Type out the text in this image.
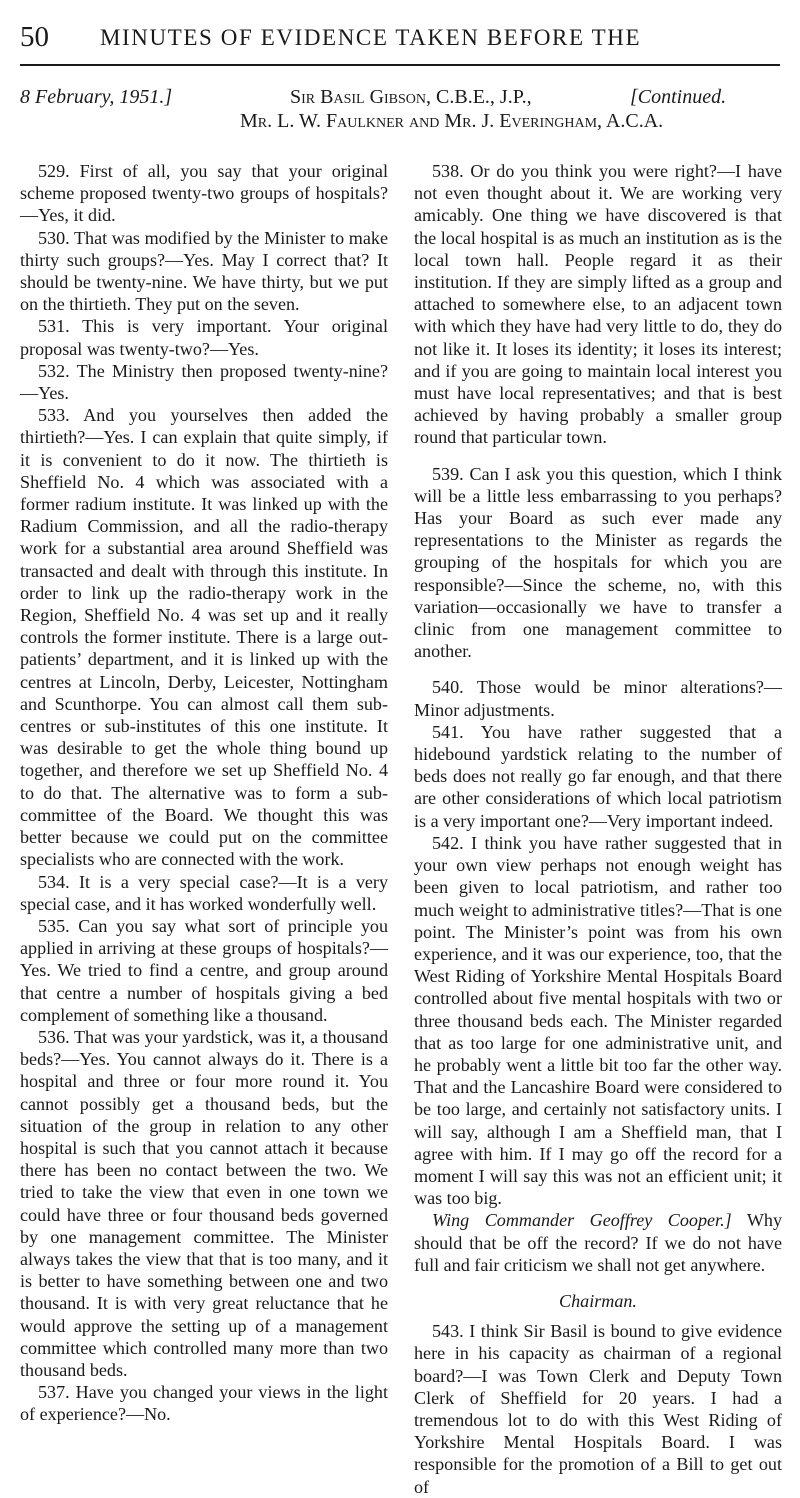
50 MINUTES OF EVIDENCE TAKEN BEFORE THE
8 February, 1951.]	Sir Basil Gibson, C.B.E., J.P.,	[Continued.
Mr. L. W. Faulkner and Mr. J. Everingham, A.C.A.

529. First of all, you say that your original scheme proposed twenty-two groups of hospitals?—Yes, it did.

530. That was modified by the Minister to make thirty such groups?—Yes. May I correct that? It should be twenty-nine. We have thirty, but we put on the thirtieth. They put on the seven.

531. This is very important. Your original proposal was twenty-two?—Yes.

532. The Ministry then proposed twenty-nine?—Yes.

533. And you yourselves then added the thirtieth?—Yes. I can explain that quite simply, if it is convenient to do it now. The thirtieth is Sheffield No. 4 which was associated with a former radium institute. It was linked up with the Radium Commission, and all the radio-therapy work for a substantial area around Sheffield was transacted and dealt with through this institute. In order to link up the radio-therapy work in the Region, Sheffield No. 4 was set up and it really controls the former institute. There is a large out-patients’ department, and it is linked up with the centres at Lincoln, Derby, Leicester, Nottingham and Scunthorpe. You can almost call them sub-centres or sub-institutes of this one institute. It was desirable to get the whole thing bound up together, and therefore we set up Sheffield No. 4 to do that. The alternative was to form a sub-committee of the Board. We thought this was better because we could put on the committee specialists who are connected with the work.

534. It is a very special case?—It is a very special case, and it has worked wonderfully well.

535. Can you say what sort of principle you applied in arriving at these groups of hospitals?—Yes. We tried to find a centre, and group around that centre a number of hospitals giving a bed complement of something like a thousand.

536. That was your yardstick, was it, a thousand beds?—Yes. You cannot always do it. There is a hospital and three or four more round it. You cannot possibly get a thousand beds, but the situation of the group in relation to any other hospital is such that you cannot attach it because there has been no contact between the two. We tried to take the view that even in one town we could have three or four thousand beds governed by one management committee. The Minister always takes the view that that is too many, and it is better to have something between one and two thousand. It is with very great reluctance that he would approve the setting up of a management committee which controlled many more than two thousand beds.

537. Have you changed your views in the light of experience?—No.

538. Or do you think you were right?—I have not even thought about it. We are working very amicably. One thing we have discovered is that the local hospital is as much an institution as is the local town hall. People regard it as their institution. If they are simply lifted as a group and attached to somewhere else, to an adjacent town with which they have had very little to do, they do not like it. It loses its identity; it loses its interest; and if you are going to maintain local interest you must have local representatives; and that is best achieved by having probably a smaller group round that particular town.

539. Can I ask you this question, which I think will be a little less embarrassing to you perhaps? Has your Board as such ever made any representations to the Minister as regards the grouping of the hospitals for which you are responsible?—Since the scheme, no, with this variation—occasionally we have to transfer a clinic from one management committee to another.

540. Those would be minor alterations?—Minor adjustments.

541. You have rather suggested that a hidebound yardstick relating to the number of beds does not really go far enough, and that there are other considerations of which local patriotism is a very important one?—Very important indeed.

542. I think you have rather suggested that in your own view perhaps not enough weight has been given to local patriotism, and rather too much weight to administrative titles?—That is one point. The Minister’s point was from his own experience, and it was our experience, too, that the West Riding of Yorkshire Mental Hospitals Board controlled about five mental hospitals with two or three thousand beds each. The Minister regarded that as too large for one administrative unit, and he probably went a little bit too far the other way. That and the Lancashire Board were considered to be too large, and certainly not satisfactory units. I will say, although I am a Sheffield man, that I agree with him. If I may go off the record for a moment I will say this was not an efficient unit; it was too big.

Wing Commander Geoffrey Cooper.] Why should that be off the record? If we do not have full and fair criticism we shall not get anywhere.

Chairman.

543. I think Sir Basil is bound to give evidence here in his capacity as chairman of a regional board?—I was Town Clerk and Deputy Town Clerk of Sheffield for 20 years. I had a tremendous lot to do with this West Riding of Yorkshire Mental Hospitals Board. I was responsible for the promotion of a Bill to get out of
